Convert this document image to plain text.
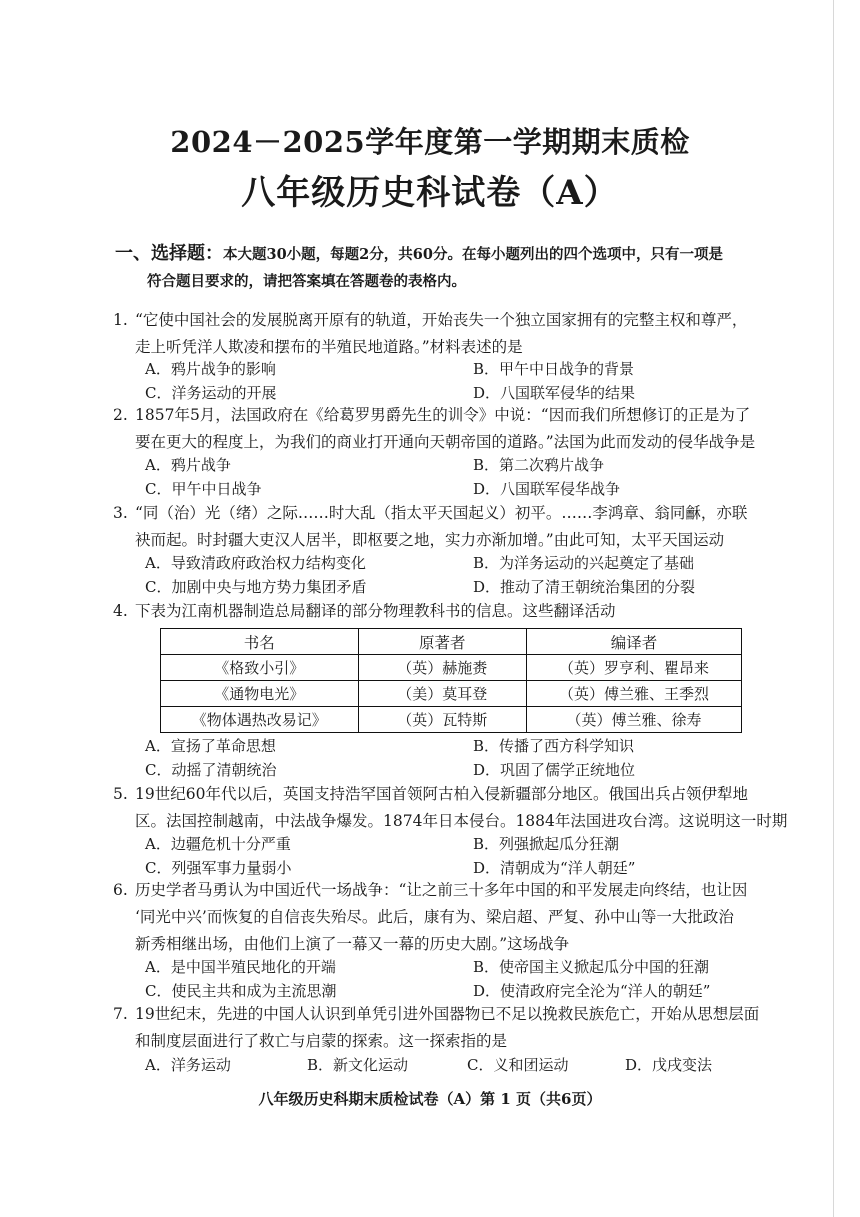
2024－2025学年度第一学期期末质检
八年级历史科试卷（A）
一、选择题：本大题30小题，每题2分，共60分。在每小题列出的四个选项中，只有一项是
符合题目要求的，请把答案填在答题卷的表格内。
1. “它使中国社会的发展脱离开原有的轨道，开始丧失一个独立国家拥有的完整主权和尊严，
走上听凭洋人欺凌和摆布的半殖民地道路。”材料表述的是
A．鸦片战争的影响	B．甲午中日战争的背景
C．洋务运动的开展	D．八国联军侵华的结果
2. 1857年5月，法国政府在《给葛罗男爵先生的训令》中说：“因而我们所想修订的正是为了
要在更大的程度上，为我们的商业打开通向天朝帝国的道路。”法国为此而发动的侵华战争是
A．鸦片战争	B．第二次鸦片战争
C．甲午中日战争	D．八国联军侵华战争
3. “同（治）光（绪）之际……时大乱（指太平天国起义）初平。……李鸿章、翁同龢，亦联
袂而起。时封疆大吏汉人居半，即枢要之地，实力亦渐加增。”由此可知，太平天国运动
A．导致清政府政治权力结构变化	B．为洋务运动的兴起奠定了基础
C．加剧中央与地方势力集团矛盾	D．推动了清王朝统治集团的分裂
4. 下表为江南机器制造总局翻译的部分物理教科书的信息。这些翻译活动
书名	原著者	编译者
《格致小引》	（英）赫施赉	（英）罗亨利、瞿昂来
《通物电光》	（美）莫耳登	（英）傅兰雅、王季烈
《物体遇热改易记》	（英）瓦特斯	（英）傅兰雅、徐寿
A．宣扬了革命思想	B．传播了西方科学知识
C．动摇了清朝统治	D．巩固了儒学正统地位
5. 19世纪60年代以后，英国支持浩罕国首领阿古柏入侵新疆部分地区。俄国出兵占领伊犁地
区。法国控制越南，中法战争爆发。1874年日本侵台。1884年法国进攻台湾。这说明这一时期
A．边疆危机十分严重	B．列强掀起瓜分狂潮
C．列强军事力量弱小	D．清朝成为“洋人朝廷”
6. 历史学者马勇认为中国近代一场战争：“让之前三十多年中国的和平发展走向终结，也让因
‘同光中兴’而恢复的自信丧失殆尽。此后，康有为、梁启超、严复、孙中山等一大批政治
新秀相继出场，由他们上演了一幕又一幕的历史大剧。”这场战争
A．是中国半殖民地化的开端	B．使帝国主义掀起瓜分中国的狂潮
C．使民主共和成为主流思潮	D．使清政府完全沦为“洋人的朝廷”
7. 19世纪末，先进的中国人认识到单凭引进外国器物已不足以挽救民族危亡，开始从思想层面
和制度层面进行了救亡与启蒙的探索。这一探索指的是
A．洋务运动	B．新文化运动	C．义和团运动	D．戊戌变法
八年级历史科期末质检试卷（A）第 1 页（共6页）
